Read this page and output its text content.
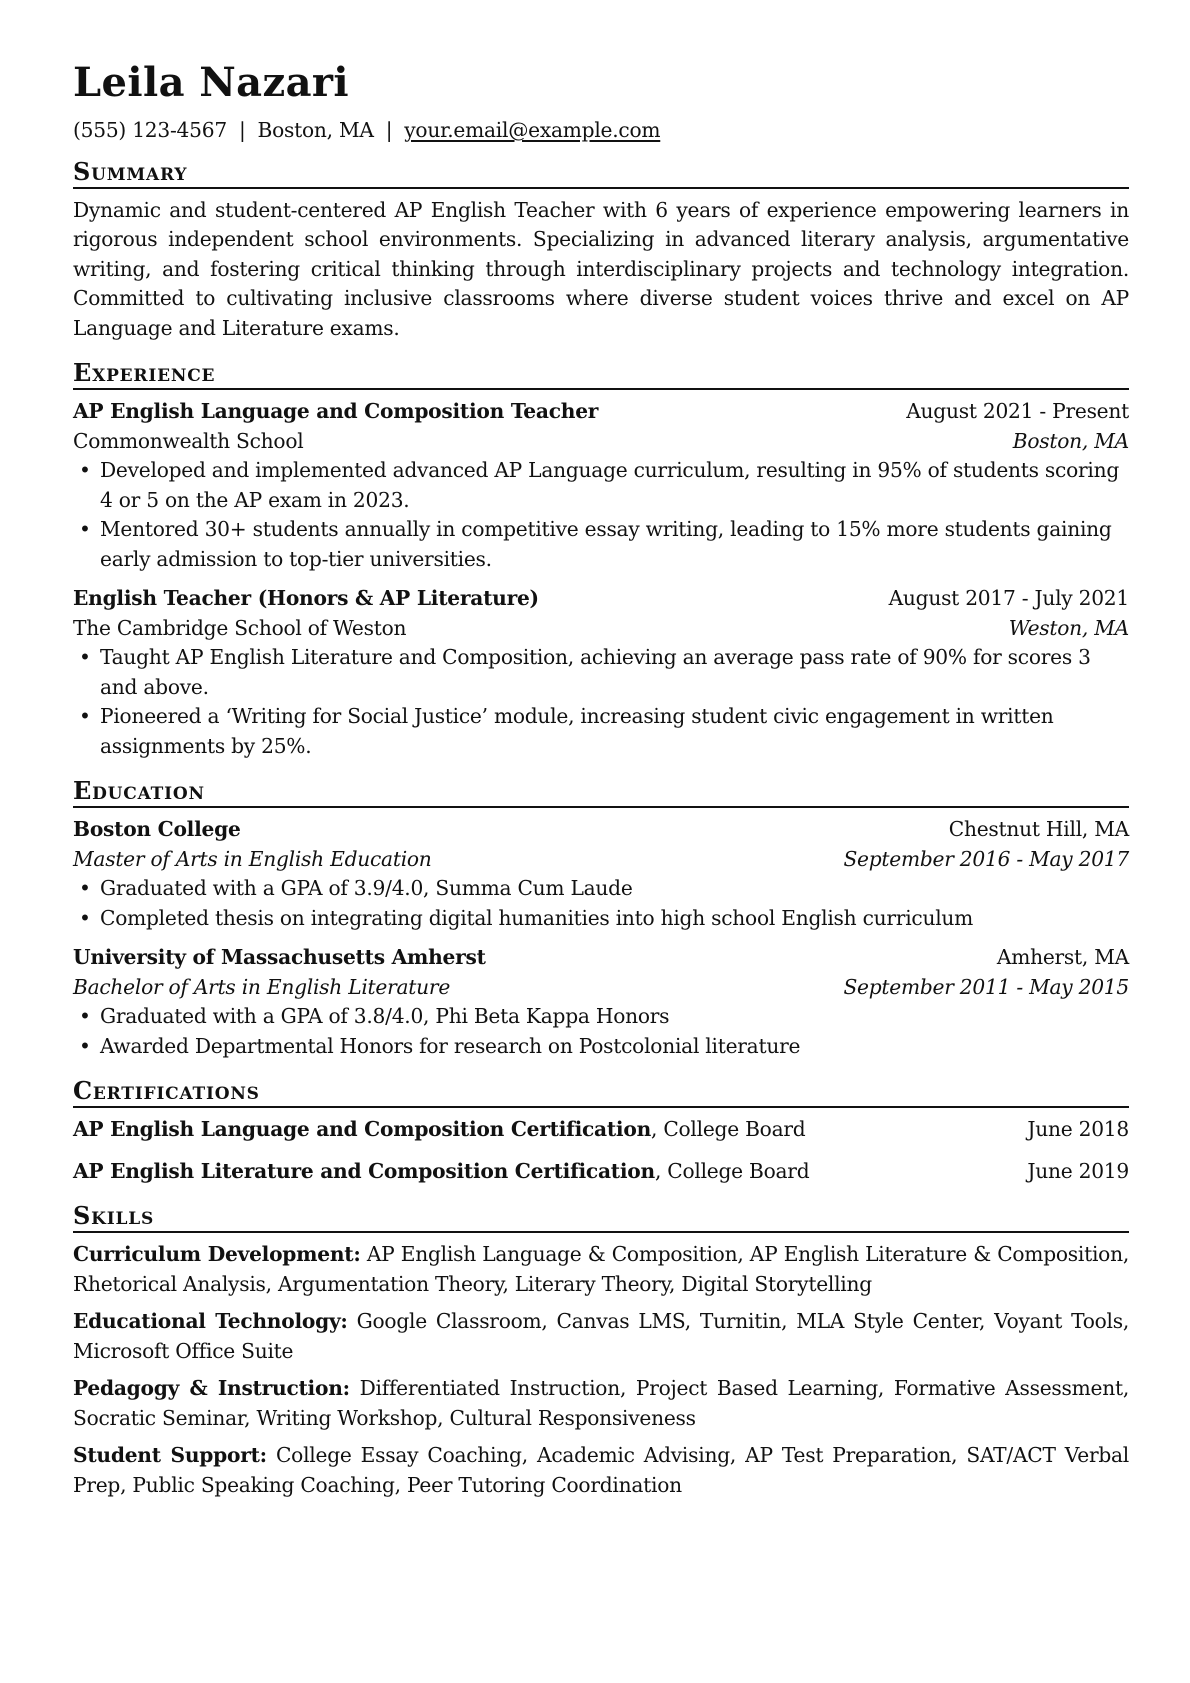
Leila Nazari
(555) 123-4567 | Boston, MA | your.email@example.com
Summary

Dynamic and student-centered AP English Teacher with 6 years of experience empowering learners in rigorous independent school environments. Specializing in advanced literary analysis, argumentative writing, and fostering critical thinking through interdisciplinary projects and technology integration. Committed to cultivating inclusive classrooms where diverse student voices thrive and excel on AP Language and Literature exams.

Experience
AP English Language and Composition Teacher	August 2021 - Present
Commonwealth School	Boston, MA
• Developed and implemented advanced AP Language curriculum, resulting in 95% of students scoring 4 or 5 on the AP exam in 2023.
• Mentored 30+ students annually in competitive essay writing, leading to 15% more students gaining early admission to top-tier universities.
English Teacher (Honors & AP Literature)	August 2017 - July 2021
The Cambridge School of Weston	Weston, MA
• Taught AP English Literature and Composition, achieving an average pass rate of 90% for scores 3 and above.
• Pioneered a ‘Writing for Social Justice’ module, increasing student civic engagement in written assignments by 25%.
Education
Boston College	Chestnut Hill, MA
Master of Arts in English Education	September 2016 - May 2017
• Graduated with a GPA of 3.9/4.0, Summa Cum Laude
• Completed thesis on integrating digital humanities into high school English curriculum
University of Massachusetts Amherst	Amherst, MA
Bachelor of Arts in English Literature	September 2011 - May 2015
• Graduated with a GPA of 3.8/4.0, Phi Beta Kappa Honors
• Awarded Departmental Honors for research on Postcolonial literature
Certifications
AP English Language and Composition Certification, College Board	June 2018
AP English Literature and Composition Certification, College Board	June 2019
Skills
Curriculum Development: AP English Language & Composition, AP English Literature & Composition, Rhetorical Analysis, Argumentation Theory, Literary Theory, Digital Storytelling
Educational Technology: Google Classroom, Canvas LMS, Turnitin, MLA Style Center, Voyant Tools, Microsoft Office Suite
Pedagogy & Instruction: Differentiated Instruction, Project Based Learning, Formative Assessment, Socratic Seminar, Writing Workshop, Cultural Responsiveness
Student Support: College Essay Coaching, Academic Advising, AP Test Preparation, SAT/ACT Verbal Prep, Public Speaking Coaching, Peer Tutoring Coordination
